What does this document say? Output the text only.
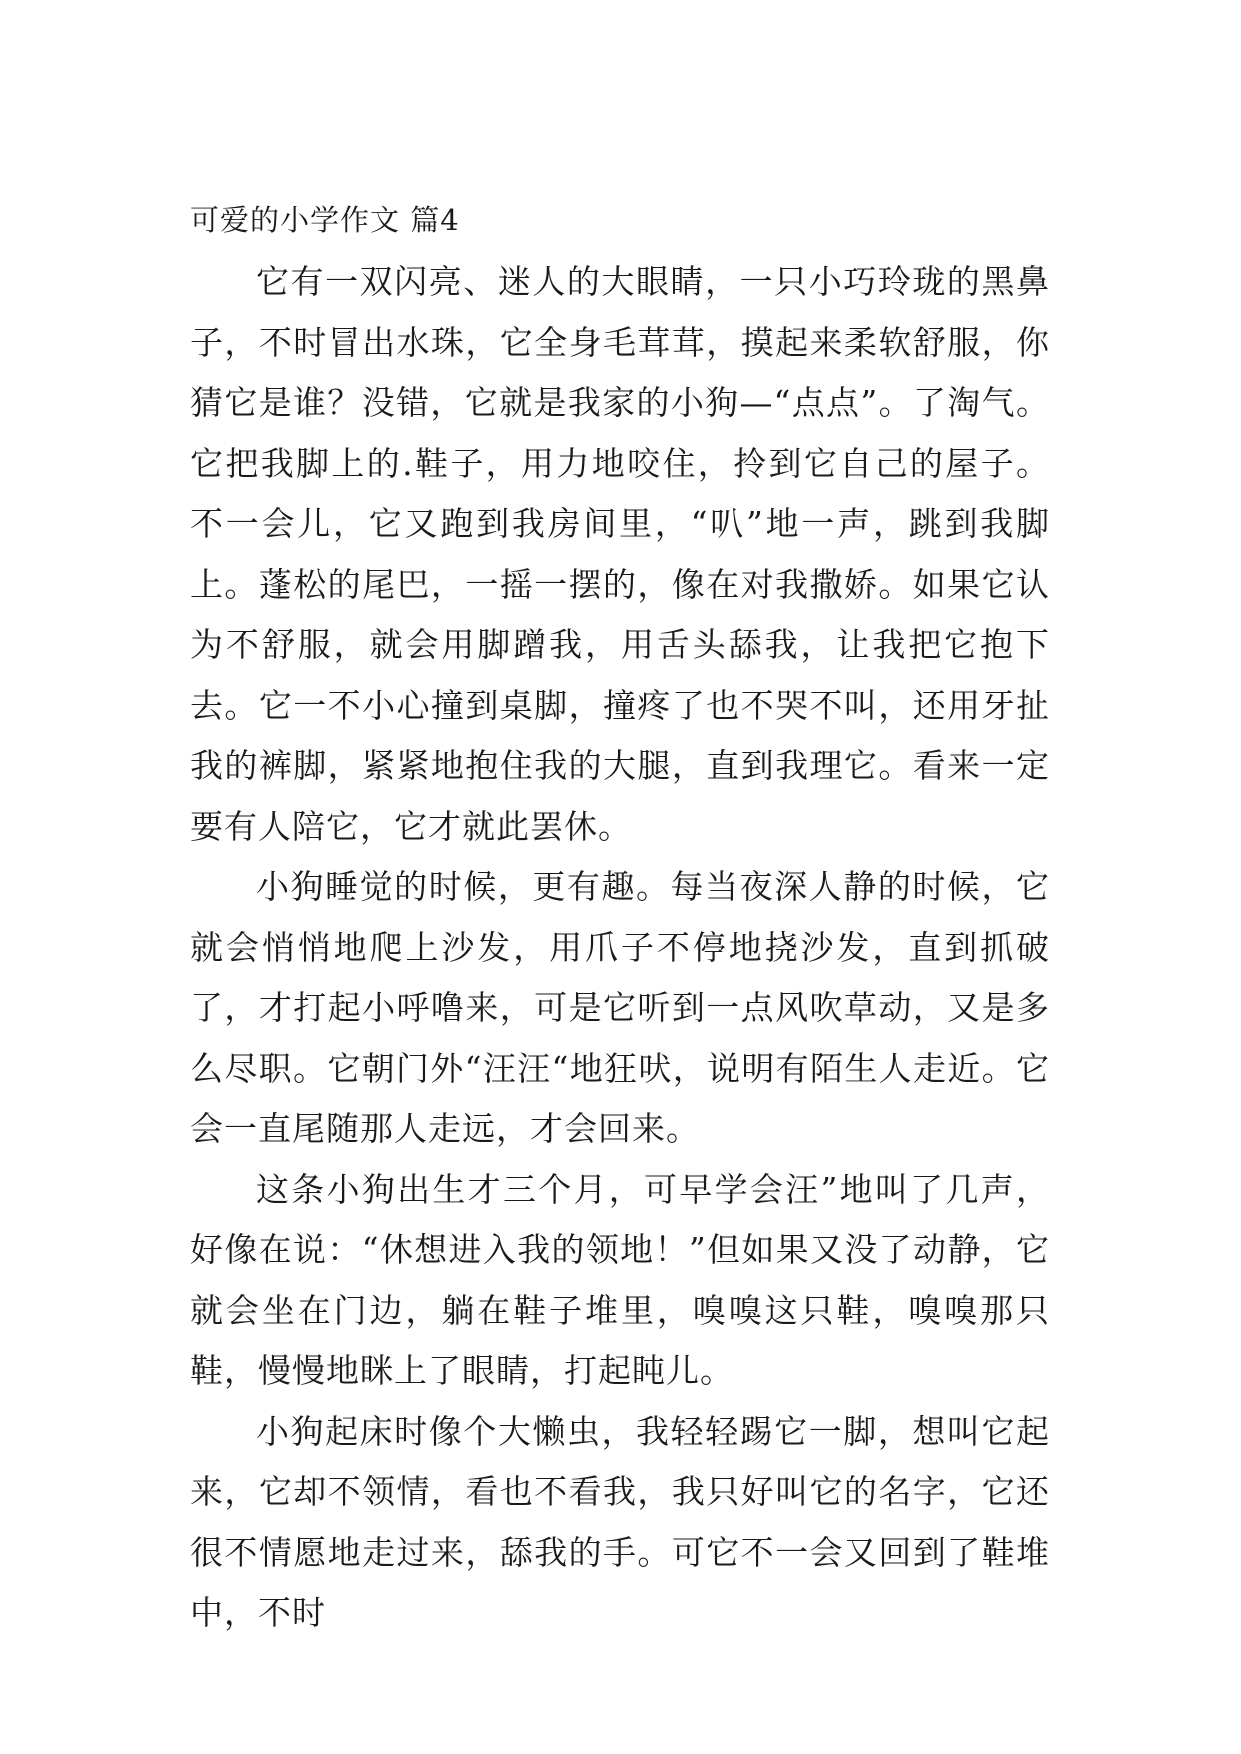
可爱的小学作文 篇4

它有一双闪亮、迷人的大眼睛，一只小巧玲珑的黑鼻子，不时冒出水珠，它全身毛茸茸，摸起来柔软舒服，你猜它是谁？没错，它就是我家的小狗—“点点”。了淘气。它把我脚上的.鞋子，用力地咬住，拎到它自己的屋子。不一会儿，它又跑到我房间里，“叭”地一声，跳到我脚上。蓬松的尾巴，一摇一摆的，像在对我撒娇。如果它认为不舒服，就会用脚蹭我，用舌头舔我，让我把它抱下去。它一不小心撞到桌脚，撞疼了也不哭不叫，还用牙扯我的裤脚，紧紧地抱住我的大腿，直到我理它。看来一定要有人陪它，它才就此罢休。

小狗睡觉的时候，更有趣。每当夜深人静的时候，它就会悄悄地爬上沙发，用爪子不停地挠沙发，直到抓破了，才打起小呼噜来，可是它听到一点风吹草动，又是多么尽职。它朝门外“汪汪“地狂吠，说明有陌生人走近。它会一直尾随那人走远，才会回来。

这条小狗出生才三个月，可早学会汪”地叫了几声，好像在说：“休想进入我的领地！”但如果又没了动静，它就会坐在门边，躺在鞋子堆里，嗅嗅这只鞋，嗅嗅那只鞋，慢慢地眯上了眼睛，打起盹儿。

小狗起床时像个大懒虫，我轻轻踢它一脚，想叫它起来，它却不领情，看也不看我，我只好叫它的名字，它还很不情愿地走过来，舔我的手。可它不一会又回到了鞋堆中，不时
